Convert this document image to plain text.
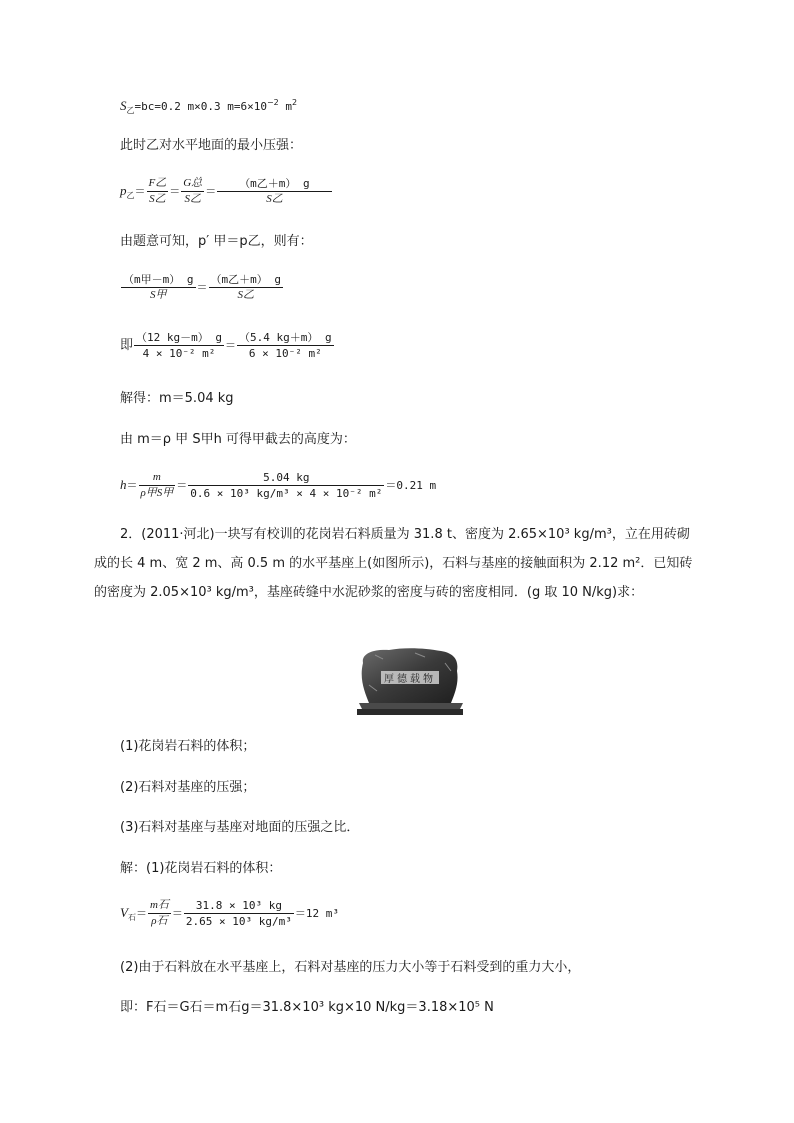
$S_乙=bc=0.2$ m×0.3 $m=6\times 10^{-2}$ $m^2$
此时乙对水平地面的最小压强：
$p_乙= \frac{\text{F乙}}{\text{S乙}} = \frac{\text{G总}}{\text{S乙}} = \frac{\text{（m乙＋m） g}}{\text{S乙}}$
由题意可知，p′ 甲＝p乙，则有：
$\frac{\text{（m甲－m） g}}{\text{S甲}} = \frac{\text{（m乙＋m） g}}{\text{S乙}}$
即 $\frac{(12 kg-m) g}{\text{4 × 10⁻² m²}} = \frac{(5.4 kg+m) g}{\text{6 × 10⁻² m²}}$
解得：m＝5.04 kg
由 m＝ρ 甲 S甲h 可得甲截去的高度为：
$h= \frac{m}{\text{ρ甲S甲}} = \frac{5.04 kg}{\text{0.6 × 10³ kg/m³ × 4 × 10⁻² m²}} =0.21$ m
2．(2011·河北)一块写有校训的花岗岩石料质量为 31.8 t、密度为 2.65×10³ kg/m³，立在用砖砌成的长 4 m、宽 2 m、高 0.5 m 的水平基座上(如图所示)，石料与基座的接触面积为 2.12 m²．已知砖的密度为 2.05×10³ kg/m³，基座砖缝中水泥砂浆的密度与砖的密度相同．(g 取 10 N/kg)求：
厚德载物
(1)花岗岩石料的体积；
(2)石料对基座的压强；
(3)石料对基座与基座对地面的压强之比．
解：(1)花岗岩石料的体积：
$V_石= \frac{\text{m石}}{\text{ρ石}} = \frac{\text{31.8 × 10³ kg}}{\text{2.65 × 10³ kg/m³}} =12$ m³
(2)由于石料放在水平基座上，石料对基座的压力大小等于石料受到的重力大小，
即：F石＝G石＝m石g＝31.8×10³ kg×10 N/kg＝3.18×10⁵ N
